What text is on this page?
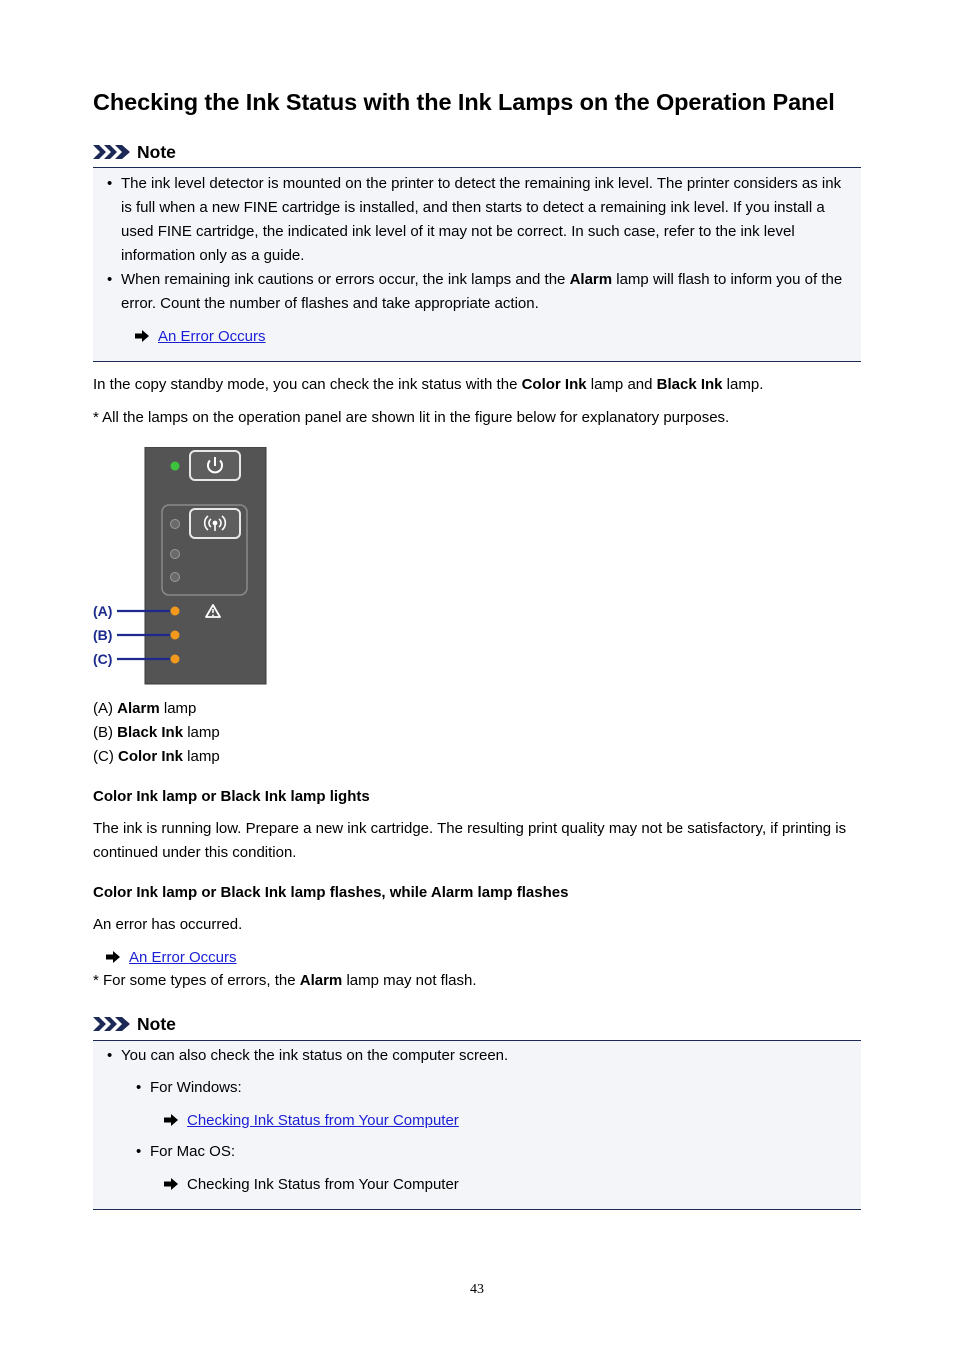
Checking the Ink Status with the Ink Lamps on the Operation Panel
Note
• The ink level detector is mounted on the printer to detect the remaining ink level. The printer considers as ink is full when a new FINE cartridge is installed, and then starts to detect a remaining ink level. If you install a used FINE cartridge, the indicated ink level of it may not be correct. In such case, refer to the ink level information only as a guide.
• When remaining ink cautions or errors occur, the ink lamps and the Alarm lamp will flash to inform you of the error. Count the number of flashes and take appropriate action.
An Error Occurs
In the copy standby mode, you can check the ink status with the Color Ink lamp and Black Ink lamp.
* All the lamps on the operation panel are shown lit in the figure below for explanatory purposes.
(A)
(B)
(C)
(A) Alarm lamp
(B) Black Ink lamp
(C) Color Ink lamp
Color Ink lamp or Black Ink lamp lights
The ink is running low. Prepare a new ink cartridge. The resulting print quality may not be satisfactory, if printing is continued under this condition.
Color Ink lamp or Black Ink lamp flashes, while Alarm lamp flashes
An error has occurred.
An Error Occurs
* For some types of errors, the Alarm lamp may not flash.
Note
• You can also check the ink status on the computer screen.
• For Windows:
Checking Ink Status from Your Computer
• For Mac OS:
Checking Ink Status from Your Computer
43
